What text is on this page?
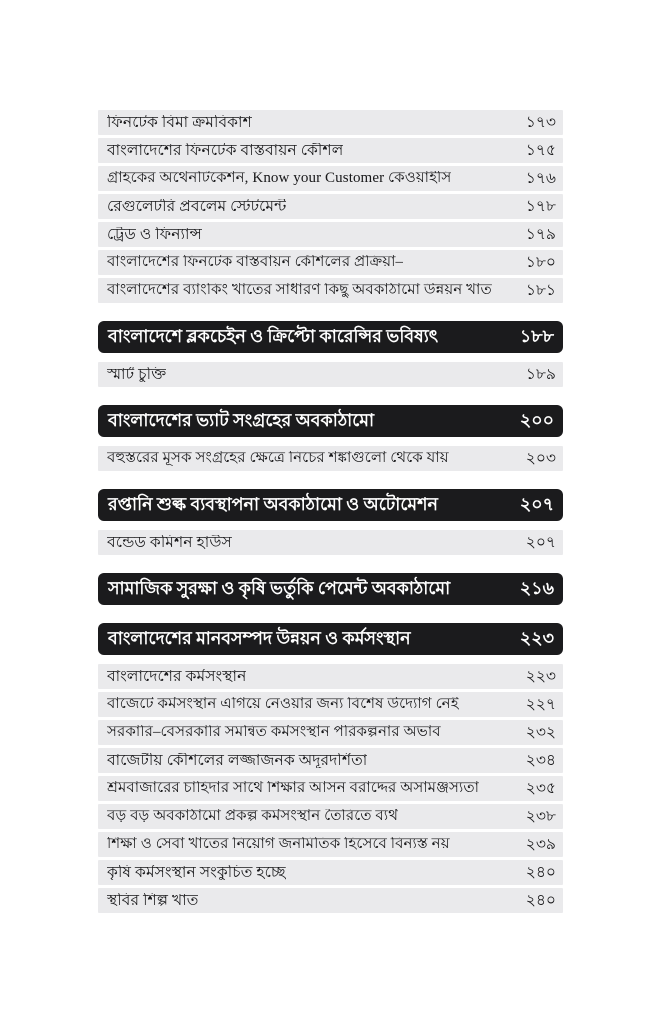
ফিনটেক বিমা ক্রমবিকাশ	১৭৩
বাংলাদেশের ফিনটেক বাস্তবায়ন কৌশল	১৭৫
গ্রাহকের অথেনটিকেশন, Know your Customer কেওয়াইসি	১৭৬
রেগুলেটরি প্রবলেম স্টেটমেন্ট	১৭৮
ট্রেড ও ফিন্যান্স	১৭৯
বাংলাদেশের ফিনটেক বাস্তবায়ন কৌশলের প্রক্রিয়া–	১৮০
বাংলাদেশের ব্যাংকিং খাতের সাধারণ কিছু অবকাঠামো উন্নয়ন খাত	১৮১
বাংলাদেশে ব্লকচেইন ও ক্রিপ্টো কারেন্সির ভবিষ্যৎ	১৮৮
স্মার্ট চুক্তি	১৮৯
বাংলাদেশের ভ্যাট সংগ্রহের অবকাঠামো	২০০
বহুস্তরের মূসক সংগ্রহের ক্ষেত্রে নিচের শঙ্কাগুলো থেকে যায়	২০৩
রপ্তানি শুল্ক ব্যবস্থাপনা অবকাঠামো ও অটোমেশন	২০৭
বন্ডেড কমিশন হাউস	২০৭
সামাজিক সুরক্ষা ও কৃষি ভর্তুকি পেমেন্ট অবকাঠামো	২১৬
বাংলাদেশের মানবসম্পদ উন্নয়ন ও কর্মসংস্থান	২২৩
বাংলাদেশের কর্মসংস্থান	২২৩
বাজেটে কর্মসংস্থান এগিয়ে নেওয়ার জন্য বিশেষ উদ্যোগ নেই	২২৭
সরকারি–বেসরকারি সমন্বিত কর্মসংস্থান পরিকল্পনার অভাব	২৩২
বাজেটীয় কৌশলের লজ্জাজনক অদূরদর্শিতা	২৩৪
শ্রমবাজারের চাহিদার সাথে শিক্ষার আসন বরাদ্দের অসামঞ্জস্যতা	২৩৫
বড় বড় অবকাঠামো প্রকল্প কর্মসংস্থান তৈরিতে ব্যর্থ	২৩৮
শিক্ষা ও সেবা খাতের নিয়োগ জনমিতিক হিসেবে বিন্যস্ত নয়	২৩৯
কৃষি কর্মসংস্থান সংকুচিত হচ্ছে	২৪০
স্থবির শিল্প খাত	২৪০
